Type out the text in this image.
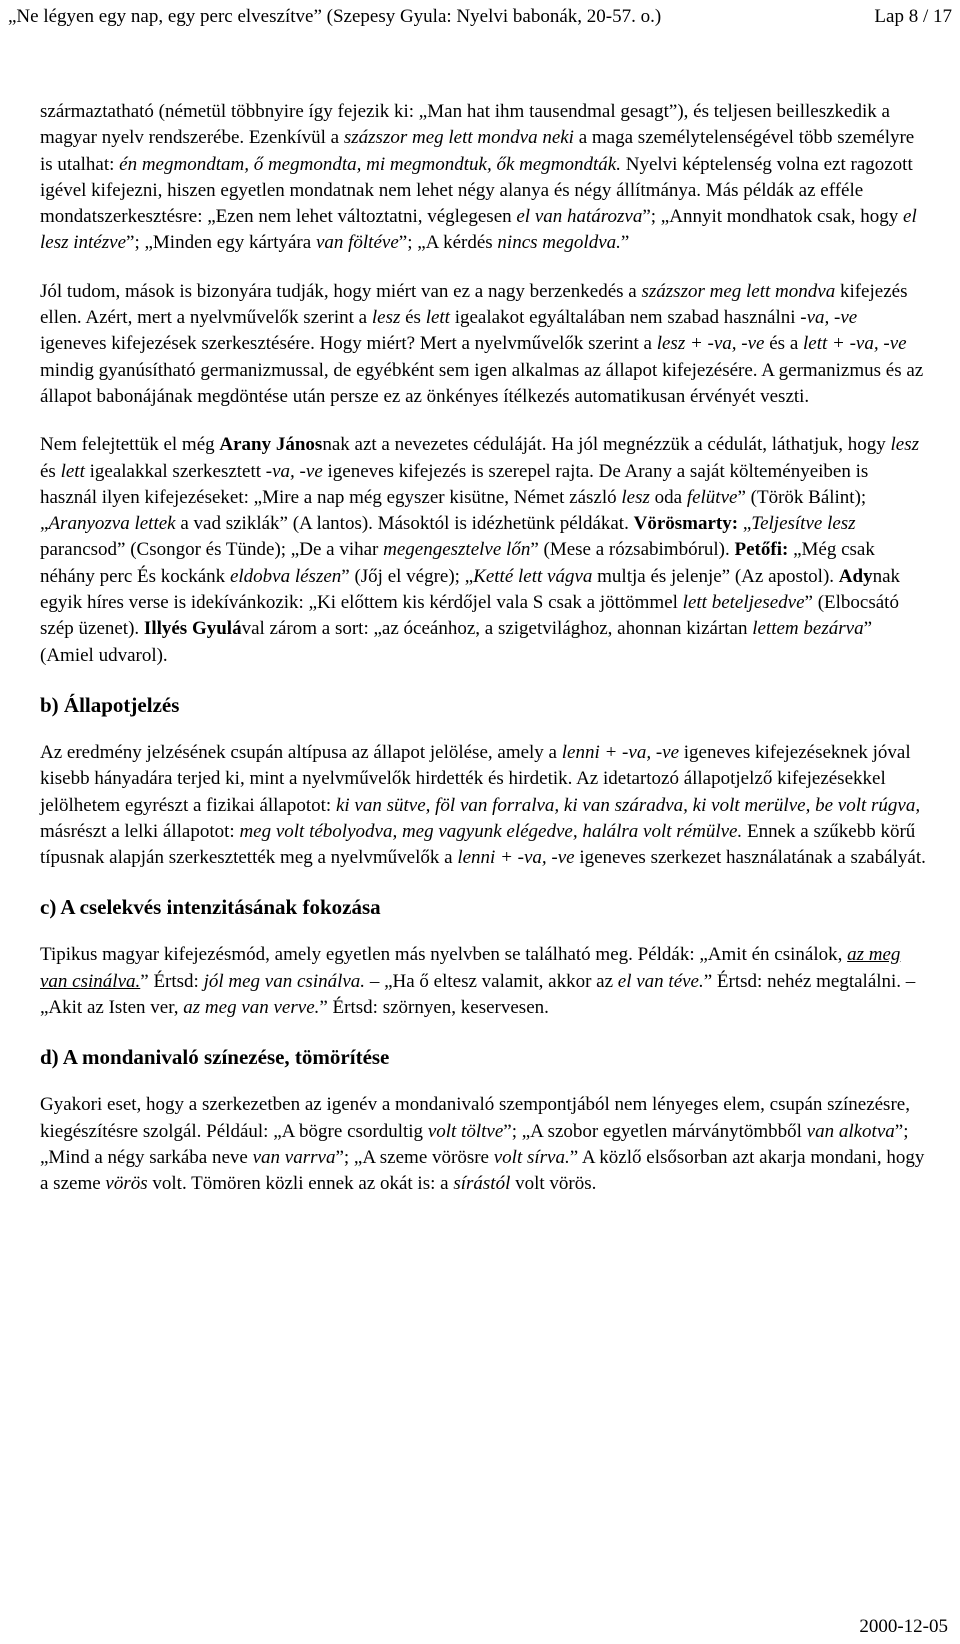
„Ne légyen egy nap, egy perc elveszítve” (Szepesy Gyula: Nyelvi babonák, 20-57. o.)	Lap 8 / 17

származtatható (németül többnyire így fejezik ki: „Man hat ihm tausendmal gesagt”), és teljesen beilleszkedik a magyar nyelv rendszerébe. Ezenkívül a százszor meg lett mondva neki a maga személytelenségével több személyre is utalhat: én megmondtam, ő megmondta, mi megmondtuk, ők megmondták. Nyelvi képtelenség volna ezt ragozott igével kifejezni, hiszen egyetlen mondatnak nem lehet négy alanya és négy állítmánya. Más példák az efféle mondatszerkesztésre: „Ezen nem lehet változtatni, véglegesen el van határozva”; „Annyit mondhatok csak, hogy el lesz intézve”; „Minden egy kártyára van föltéve”; „A kérdés nincs megoldva.”

Jól tudom, mások is bizonyára tudják, hogy miért van ez a nagy berzenkedés a százszor meg lett mondva kifejezés ellen. Azért, mert a nyelvművelők szerint a lesz és lett igealakot egyáltalában nem szabad használni -va, -ve igeneves kifejezések szerkesztésére. Hogy miért? Mert a nyelvművelők szerint a lesz + -va, -ve és a lett + -va, -ve mindig gyanúsítható germanizmussal, de egyébként sem igen alkalmas az állapot kifejezésére. A germanizmus és az állapot babonájának megdöntése után persze ez az önkényes ítélkezés automatikusan érvényét veszti.

Nem felejtettük el még Arany Jánosnak azt a nevezetes céduláját. Ha jól megnézzük a cédulát, láthatjuk, hogy lesz és lett igealakkal szerkesztett -va, -ve igeneves kifejezés is szerepel rajta. De Arany a saját költeményeiben is használ ilyen kifejezéseket: „Mire a nap még egyszer kisütne, Német zászló lesz oda felütve” (Török Bálint); „Aranyozva lettek a vad sziklák” (A lantos). Másoktól is idézhetünk példákat. Vörösmarty: „Teljesítve lesz parancsod” (Csongor és Tünde); „De a vihar megengesztelve lőn” (Mese a rózsabimbórul). Petőfi: „Még csak néhány perc És kockánk eldobva lészen” (Jőj el végre); „Ketté lett vágva multja és jelenje” (Az apostol). Adynak egyik híres verse is idekívánkozik: „Ki előttem kis kérdőjel vala S csak a jöttömmel lett beteljesedve” (Elbocsátó szép üzenet). Illyés Gyulával zárom a sort: „az óceánhoz, a szigetvilághoz, ahonnan kizártan lettem bezárva” (Amiel udvarol).

b) Állapotjelzés

Az eredmény jelzésének csupán altípusa az állapot jelölése, amely a lenni + -va, -ve igeneves kifejezéseknek jóval kisebb hányadára terjed ki, mint a nyelvművelők hirdették és hirdetik. Az idetartozó állapotjelző kifejezésekkel jelölhetem egyrészt a fizikai állapotot: ki van sütve, föl van forralva, ki van száradva, ki volt merülve, be volt rúgva, másrészt a lelki állapotot: meg volt tébolyodva, meg vagyunk elégedve, halálra volt rémülve. Ennek a szűkebb körű típusnak alapján szerkesztették meg a nyelvművelők a lenni + -va, -ve igeneves szerkezet használatának a szabályát.

c) A cselekvés intenzitásának fokozása

Tipikus magyar kifejezésmód, amely egyetlen más nyelvben se található meg. Példák: „Amit én csinálok, az meg van csinálva.” Értsd: jól meg van csinálva. – „Ha ő eltesz valamit, akkor az el van téve.” Értsd: nehéz megtalálni. – „Akit az Isten ver, az meg van verve.” Értsd: szörnyen, keservesen.

d) A mondanivaló színezése, tömörítése

Gyakori eset, hogy a szerkezetben az igenév a mondanivaló szempontjából nem lényeges elem, csupán színezésre, kiegészítésre szolgál. Például: „A bögre csordultig volt töltve”; „A szobor egyetlen márványtömbből van alkotva”; „Mind a négy sarkába neve van varrva”; „A szeme vörösre volt sírva.” A közlő elsősorban azt akarja mondani, hogy a szeme vörös volt. Tömören közli ennek az okát is: a sírástól volt vörös.

2000-12-05
